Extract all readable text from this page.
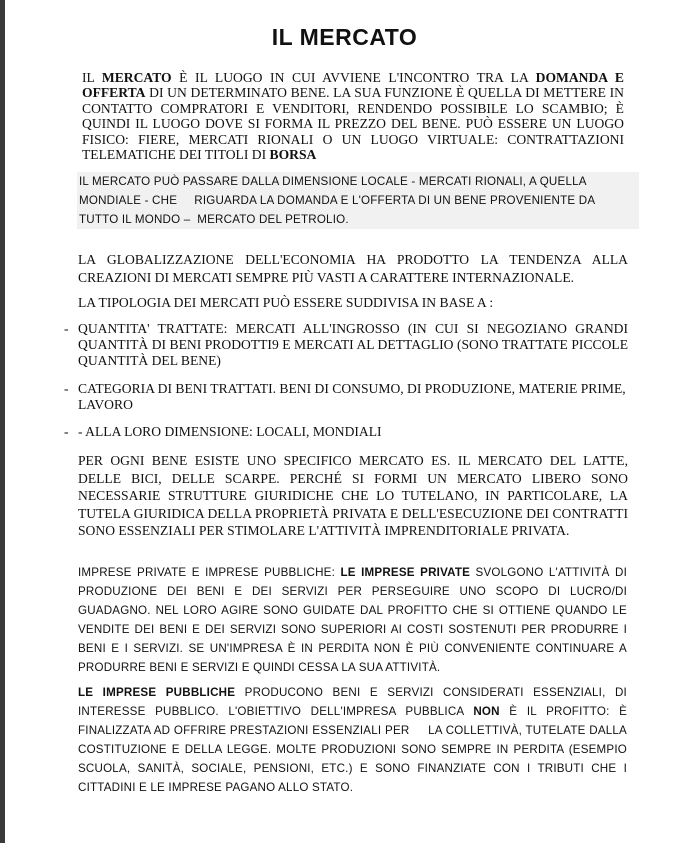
IL MERCATO
IL MERCATO È IL LUOGO IN CUI AVVIENE L'INCONTRO TRA LA DOMANDA E OFFERTA DI UN DETERMINATO BENE. LA SUA FUNZIONE È QUELLA DI METTERE IN CONTATTO COMPRATORI E VENDITORI, RENDENDO POSSIBILE LO SCAMBIO; È QUINDI IL LUOGO DOVE SI FORMA IL PREZZO DEL BENE. PUÒ ESSERE UN LUOGO FISICO: FIERE, MERCATI RIONALI O UN LUOGO VIRTUALE: CONTRATTAZIONI TELEMATICHE DEI TITOLI DI BORSA
IL MERCATO PUÒ PASSARE DALLA DIMENSIONE LOCALE - MERCATI RIONALI, A QUELLA
MONDIALE - CHE     RIGUARDA LA DOMANDA E L'OFFERTA DI UN BENE PROVENIENTE DA
TUTTO IL MONDO –  MERCATO DEL PETROLIO.
LA GLOBALIZZAZIONE DELL'ECONOMIA HA PRODOTTO LA TENDENZA ALLA CREAZIONI DI MERCATI SEMPRE PIÙ VASTI A CARATTERE INTERNAZIONALE.
LA TIPOLOGIA DEI MERCATI PUÒ ESSERE SUDDIVISA IN BASE A :
- QUANTITA' TRATTATE: MERCATI ALL'INGROSSO (IN CUI SI NEGOZIANO GRANDI QUANTITÀ DI BENI PRODOTTI9 E MERCATI AL DETTAGLIO (SONO TRATTATE PICCOLE QUANTITÀ DEL BENE)
- CATEGORIA DI BENI TRATTATI. BENI DI CONSUMO, DI PRODUZIONE, MATERIE PRIME, LAVORO
- - ALLA LORO DIMENSIONE: LOCALI, MONDIALI
PER OGNI BENE ESISTE UNO SPECIFICO MERCATO ES. IL MERCATO DEL LATTE, DELLE BICI, DELLE SCARPE. PERCHÉ SI FORMI UN MERCATO LIBERO SONO NECESSARIE STRUTTURE GIURIDICHE CHE LO TUTELANO, IN PARTICOLARE, LA TUTELA GIURIDICA DELLA PROPRIETÀ PRIVATA E DELL'ESECUZIONE DEI CONTRATTI SONO ESSENZIALI PER STIMOLARE L'ATTIVITÀ IMPRENDITORIALE PRIVATA.
IMPRESE PRIVATE E IMPRESE PUBBLICHE: LE IMPRESE PRIVATE SVOLGONO L'ATTIVITÀ DI PRODUZIONE DEI BENI E DEI SERVIZI PER PERSEGUIRE UNO SCOPO DI LUCRO/DI GUADAGNO. NEL LORO AGIRE SONO GUIDATE DAL PROFITTO CHE SI OTTIENE QUANDO LE VENDITE DEI BENI E DEI SERVIZI SONO SUPERIORI AI COSTI SOSTENUTI PER PRODURRE I BENI E I SERVIZI. SE UN'IMPRESA È IN PERDITA NON È PIÙ CONVENIENTE CONTINUARE A PRODURRE BENI E SERVIZI E QUINDI CESSA LA SUA ATTIVITÀ.
LE IMPRESE PUBBLICHE PRODUCONO BENI E SERVIZI CONSIDERATI ESSENZIALI, DI INTERESSE PUBBLICO. L'OBIETTIVO DELL'IMPRESA PUBBLICA NON È IL PROFITTO: È FINALIZZATA AD OFFRIRE PRESTAZIONI ESSENZIALI PER     LA COLLETTIVÀ, TUTELATE DALLA COSTITUZIONE E DELLA LEGGE. MOLTE PRODUZIONI SONO SEMPRE IN PERDITA (ESEMPIO SCUOLA, SANITÀ, SOCIALE, PENSIONI, ETC.) E SONO FINANZIATE CON I TRIBUTI CHE I CITTADINI E LE IMPRESE PAGANO ALLO STATO.
